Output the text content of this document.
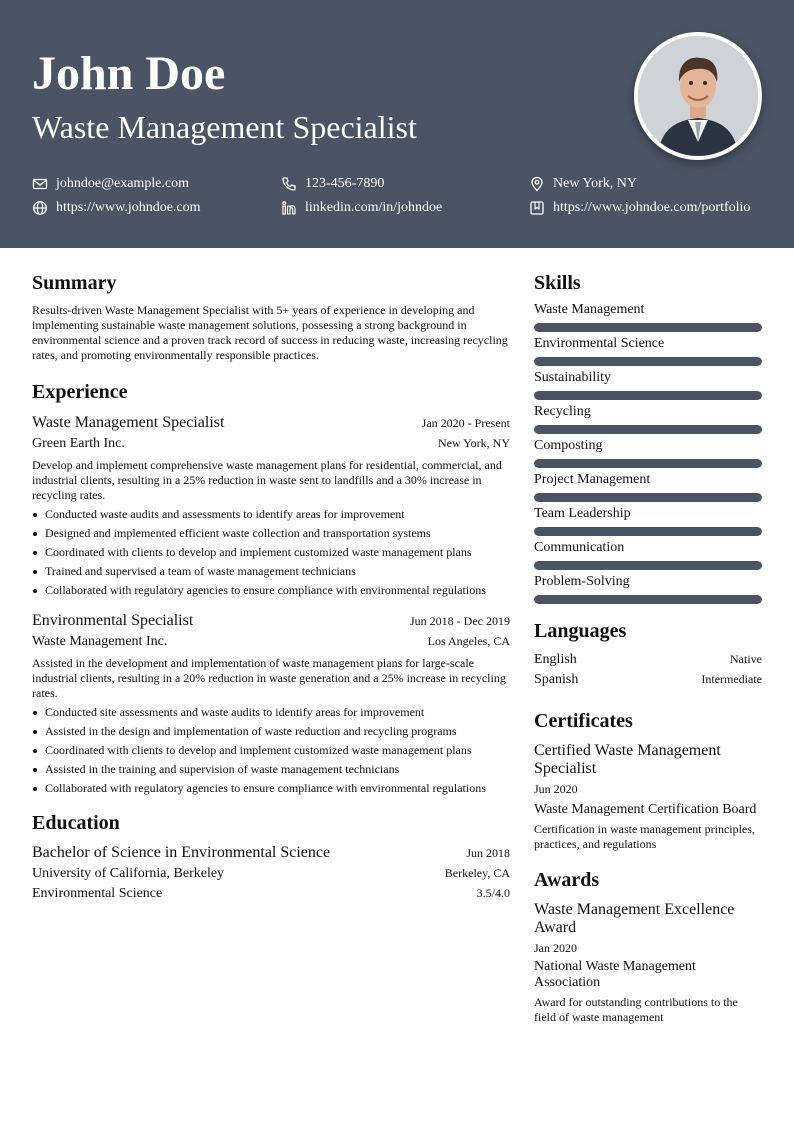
John Doe
Waste Management Specialist
johndoe@example.com	123-456-7890	New York, NY
https://www.johndoe.com	linkedin.com/in/johndoe	https://www.johndoe.com/portfolio
Summary

Results-driven Waste Management Specialist with 5+ years of experience in developing and implementing sustainable waste management solutions, possessing a strong background in environmental science and a proven track record of success in reducing waste, increasing recycling rates, and promoting environmentally responsible practices.

Experience
Waste Management Specialist	Jan 2020 - Present
Green Earth Inc.	New York, NY

Develop and implement comprehensive waste management plans for residential, commercial, and industrial clients, resulting in a 25% reduction in waste sent to landfills and a 30% increase in recycling rates.

Conducted waste audits and assessments to identify areas for improvement
Designed and implemented efficient waste collection and transportation systems
Coordinated with clients to develop and implement customized waste management plans
Trained and supervised a team of waste management technicians
Collaborated with regulatory agencies to ensure compliance with environmental regulations
Environmental Specialist	Jun 2018 - Dec 2019
Waste Management Inc.	Los Angeles, CA

Assisted in the development and implementation of waste management plans for large-scale industrial clients, resulting in a 20% reduction in waste generation and a 25% increase in recycling rates.

Conducted site assessments and waste audits to identify areas for improvement
Assisted in the design and implementation of waste reduction and recycling programs
Coordinated with clients to develop and implement customized waste management plans
Assisted in the training and supervision of waste management technicians
Collaborated with regulatory agencies to ensure compliance with environmental regulations
Education
Bachelor of Science in Environmental Science	Jun 2018
University of California, Berkeley	Berkeley, CA
Environmental Science	3.5/4.0
Skills
Waste Management
Environmental Science
Sustainability
Recycling
Composting
Project Management
Team Leadership
Communication
Problem-Solving
Languages
English	Native
Spanish	Intermediate
Certificates
Certified Waste Management Specialist
Jun 2020
Waste Management Certification Board
Certification in waste management principles, practices, and regulations
Awards
Waste Management Excellence Award
Jan 2020
National Waste Management Association
Award for outstanding contributions to the field of waste management
